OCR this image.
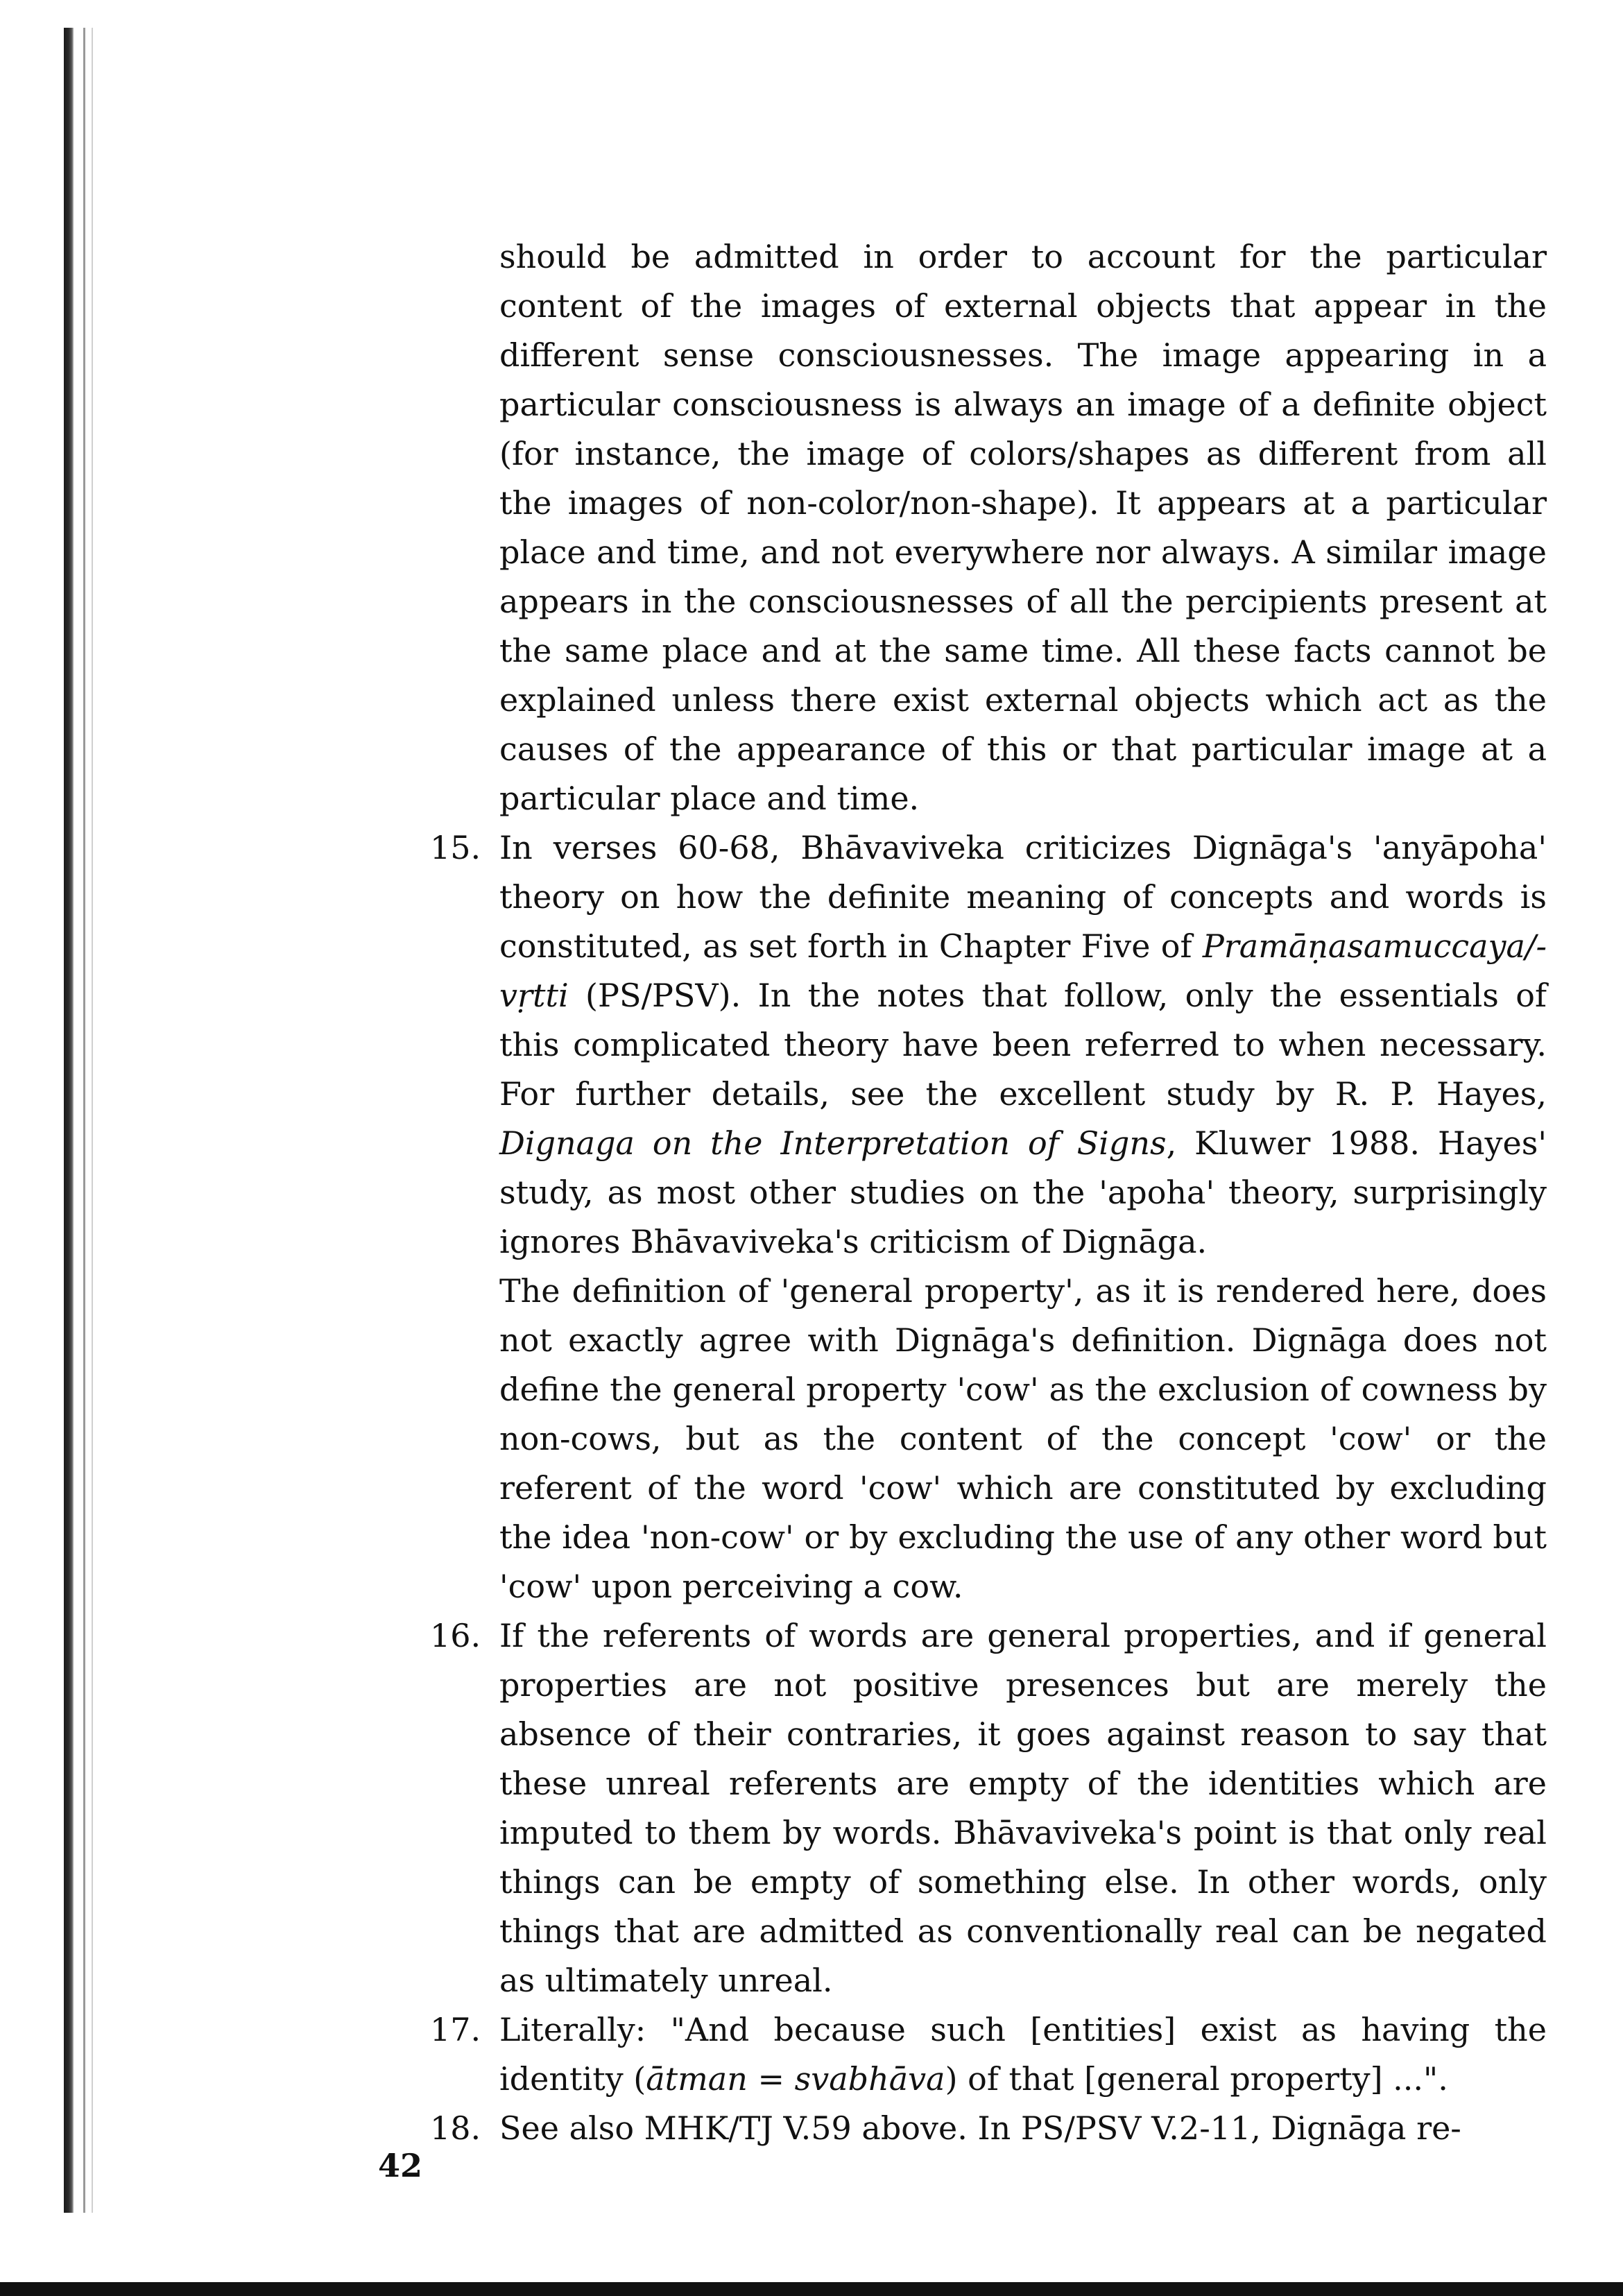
should be admitted in order to account for the particular content of the images of external objects that appear in the different sense consciousnesses. The image appearing in a particular consciousness is always an image of a definite object (for instance, the image of colors/shapes as different from all the images of non-color/non-shape). It appears at a particular place and time, and not everywhere nor always. A similar image appears in the consciousnesses of all the percipients present at the same place and at the same time. All these facts cannot be explained unless there exist external objects which act as the causes of the appearance of this or that particular image at a particular place and time.

15. In verses 60-68, Bhāvaviveka criticizes Dignāga's 'anyāpoha' theory on how the definite meaning of concepts and words is constituted, as set forth in Chapter Five of Pramāṇasamuccaya/-vṛtti (PS/PSV). In the notes that follow, only the essentials of this complicated theory have been referred to when necessary. For further details, see the excellent study by R. P. Hayes, Dignaga on the Interpretation of Signs, Kluwer 1988. Hayes' study, as most other studies on the 'apoha' theory, surprisingly ignores Bhāvaviveka's criticism of Dignāga.

The definition of 'general property', as it is rendered here, does not exactly agree with Dignāga's definition. Dignāga does not define the general property 'cow' as the exclusion of cowness by non-cows, but as the content of the concept 'cow' or the referent of the word 'cow' which are constituted by excluding the idea 'non-cow' or by excluding the use of any other word but 'cow' upon perceiving a cow.

16. If the referents of words are general properties, and if general properties are not positive presences but are merely the absence of their contraries, it goes against reason to say that these unreal referents are empty of the identities which are imputed to them by words. Bhāvaviveka's point is that only real things can be empty of something else. In other words, only things that are admitted as conventionally real can be negated as ultimately unreal.
17. Literally: "And because such [entities] exist as having the identity (ātman = svabhāva) of that [general property] ...".
18. See also MHK/TJ V.59 above. In PS/PSV V.2-11, Dignāga re-
42
